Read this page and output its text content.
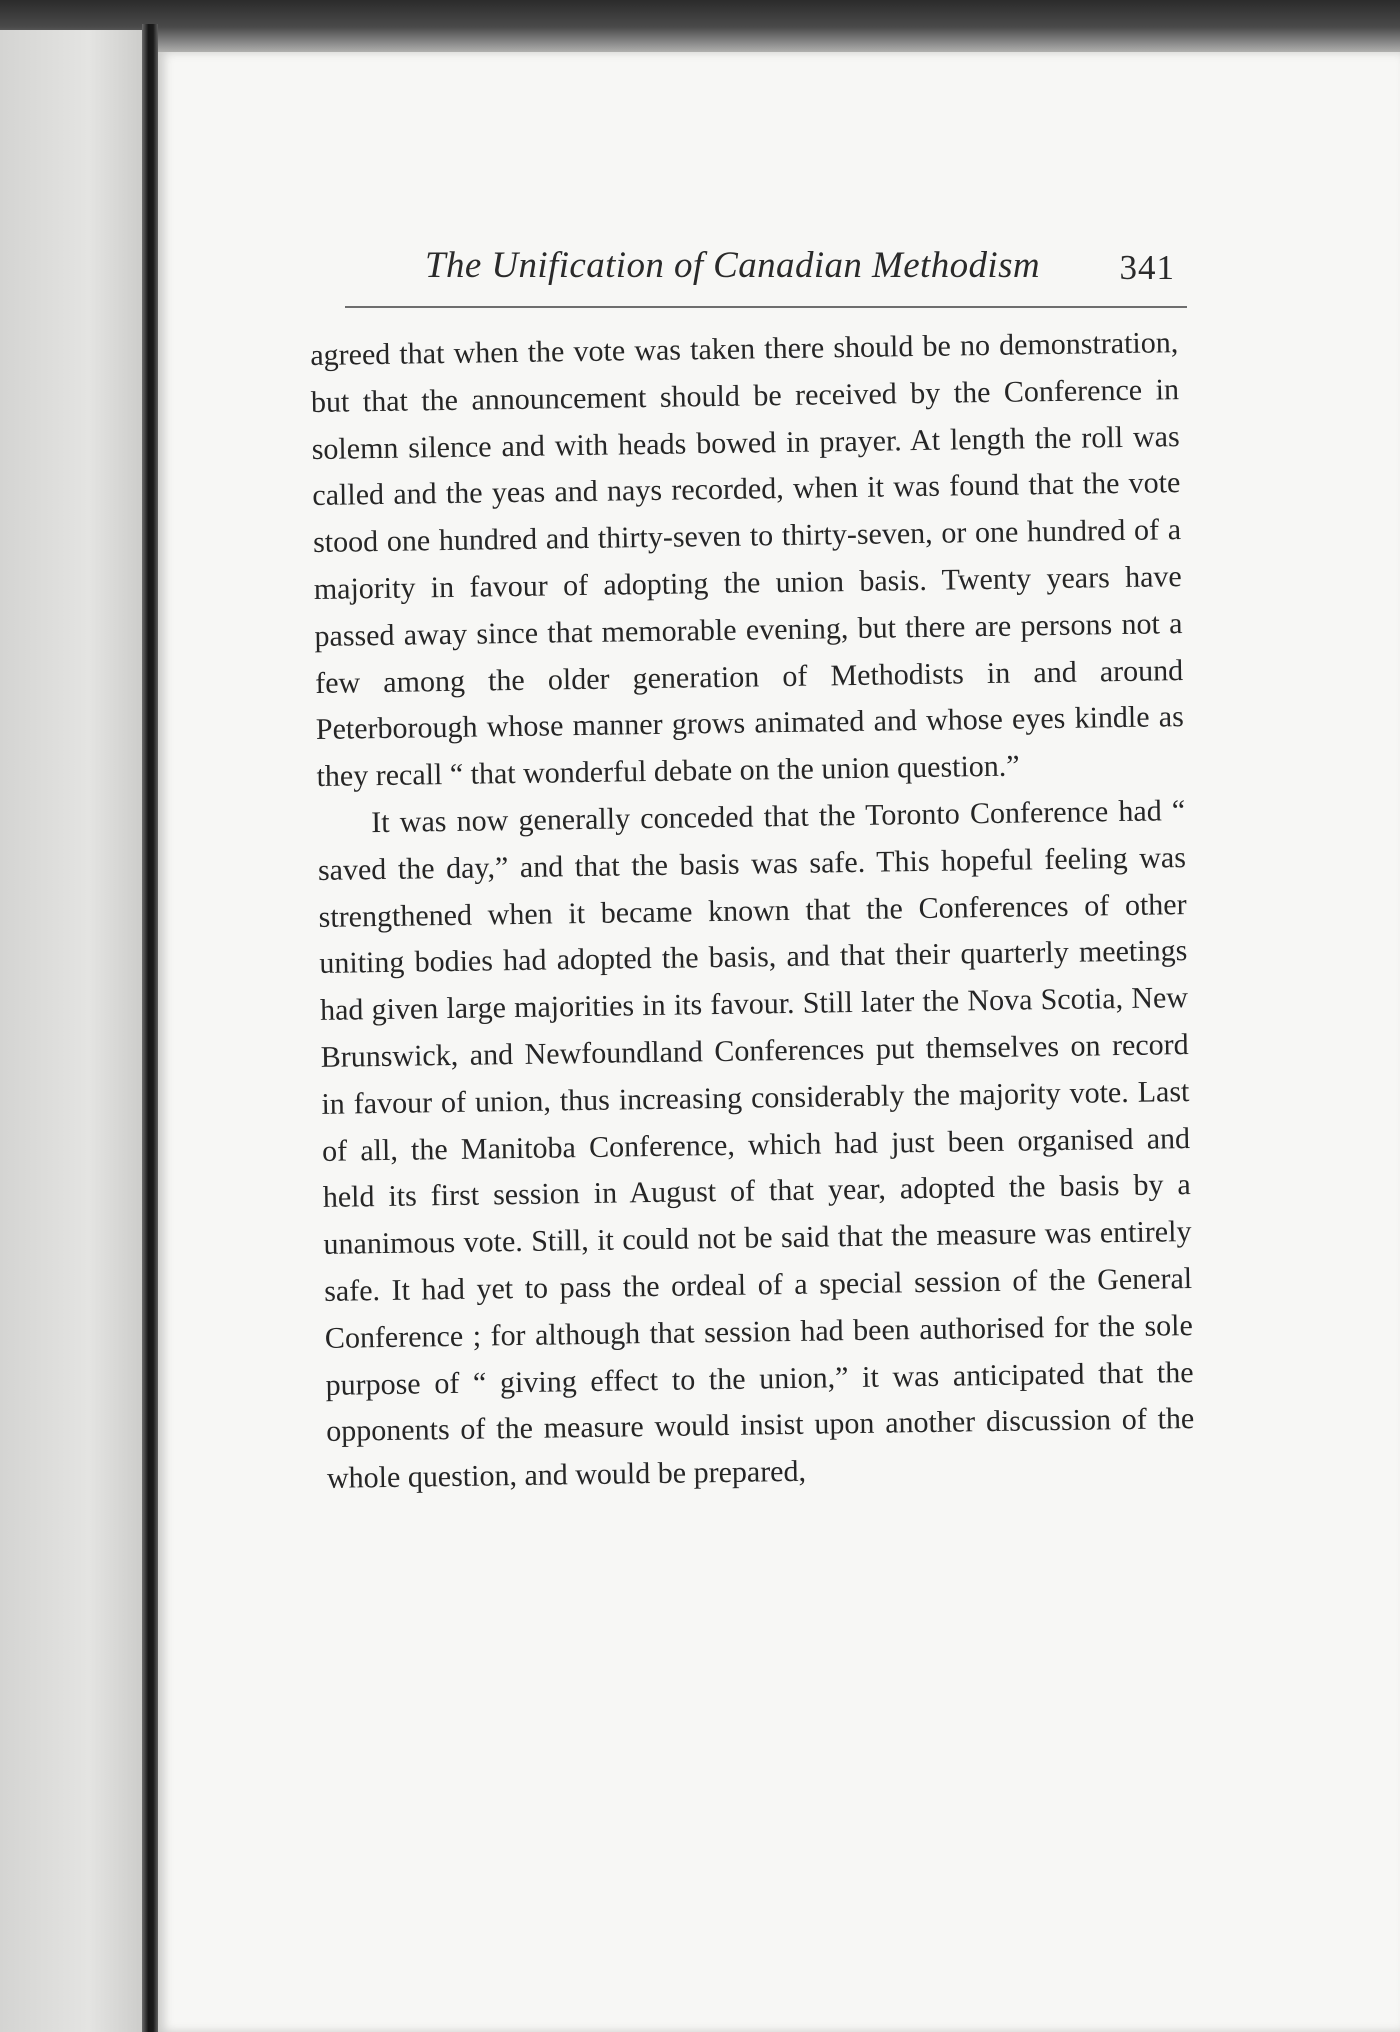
The Unification of Canadian Methodism 341

agreed that when the vote was taken there should be no demonstration, but that the announcement should be received by the Conference in solemn silence and with heads bowed in prayer. At length the roll was called and the yeas and nays recorded, when it was found that the vote stood one hundred and thirty-seven to thirty-seven, or one hundred of a majority in favour of adopting the union basis. Twenty years have passed away since that memorable evening, but there are persons not a few among the older generation of Methodists in and around Peterborough whose manner grows animated and whose eyes kindle as they recall “ that wonderful debate on the union question.”

It was now generally conceded that the Toronto Conference had “ saved the day,” and that the basis was safe. This hopeful feeling was strengthened when it became known that the Conferences of other uniting bodies had adopted the basis, and that their quarterly meetings had given large majorities in its favour. Still later the Nova Scotia, New Brunswick, and Newfoundland Conferences put themselves on record in favour of union, thus increasing considerably the majority vote. Last of all, the Manitoba Conference, which had just been organised and held its first session in August of that year, adopted the basis by a unanimous vote. Still, it could not be said that the measure was entirely safe. It had yet to pass the ordeal of a special session of the General Conference ; for although that session had been authorised for the sole purpose of “ giving effect to the union,” it was anticipated that the opponents of the measure would insist upon another discussion of the whole question, and would be prepared,
